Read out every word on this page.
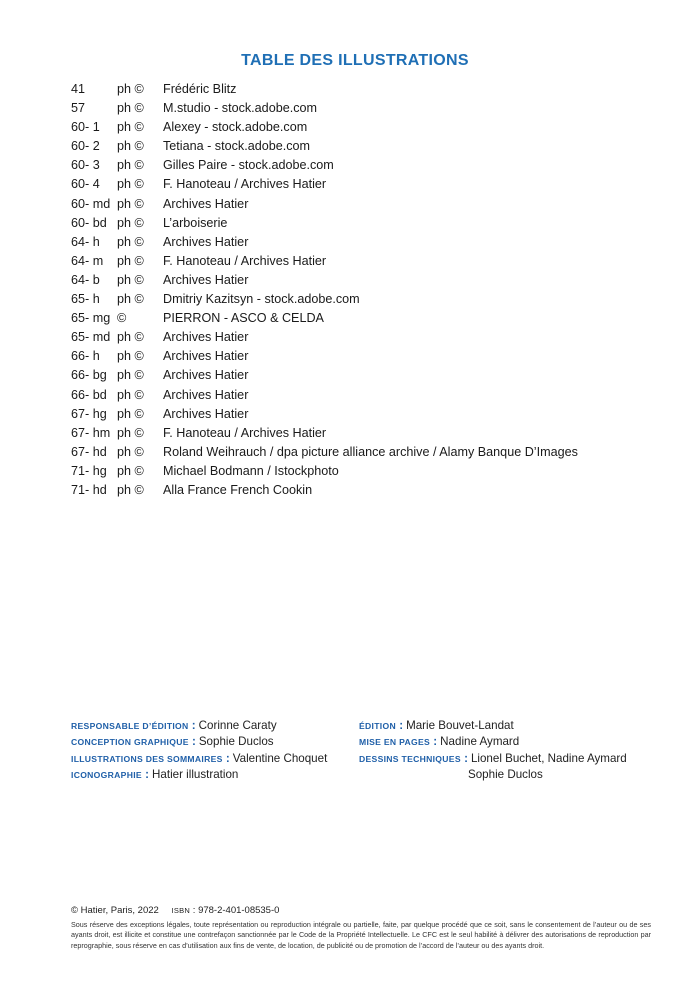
TABLE DES ILLUSTRATIONS
41	ph © Frédéric Blitz
57	ph © M.studio - stock.adobe.com
60- 1 ph © Alexey - stock.adobe.com
60- 2 ph © Tetiana - stock.adobe.com
60- 3 ph © Gilles Paire - stock.adobe.com
60- 4 ph © F. Hanoteau / Archives Hatier
60- md ph © Archives Hatier
60- bd ph © L’arboiserie
64- h ph © Archives Hatier
64- m ph © F. Hanoteau / Archives Hatier
64- b ph © Archives Hatier
65- h ph © Dmitriy Kazitsyn - stock.adobe.com
65- mg ©	PIERRON - ASCO & CELDA
65- md ph © Archives Hatier
66- h ph © Archives Hatier
66- bg ph © Archives Hatier
66- bd ph © Archives Hatier
67- hg ph © Archives Hatier
67- hm ph © F. Hanoteau / Archives Hatier
67- hd ph © Roland Weihrauch / dpa picture alliance archive / Alamy Banque D’Images
71- hg ph © Michael Bodmann / Istockphoto
71- hd ph © Alla France French Cookin
RESPONSABLE D’ÉDITION : Corinne Caraty
CONCEPTION GRAPHIQUE : Sophie Duclos
ILLUSTRATIONS DES SOMMAIRES : Valentine Choquet
ICONOGRAPHIE : Hatier illustration
ÉDITION : Marie Bouvet-Landat
MISE EN PAGES : Nadine Aymard
DESSINS TECHNIQUES : Lionel Buchet, Nadine Aymard
Sophie Duclos
© Hatier, Paris, 2022 ISBN : 978-2-401-08535-0
Sous réserve des exceptions légales, toute représentation ou reproduction intégrale ou partielle, faite, par quelque procédé que ce soit, sans le consentement de l’auteur ou de ses ayants droit, est illicite et constitue une contrefaçon sanctionnée par le Code de la Propriété Intellectuelle. Le CFC est le seul habilité à délivrer des autorisations de reproduction par reprographie, sous réserve en cas d’utilisation aux fins de vente, de location, de publicité ou de promotion de l’accord de l’auteur ou des ayants droit.
